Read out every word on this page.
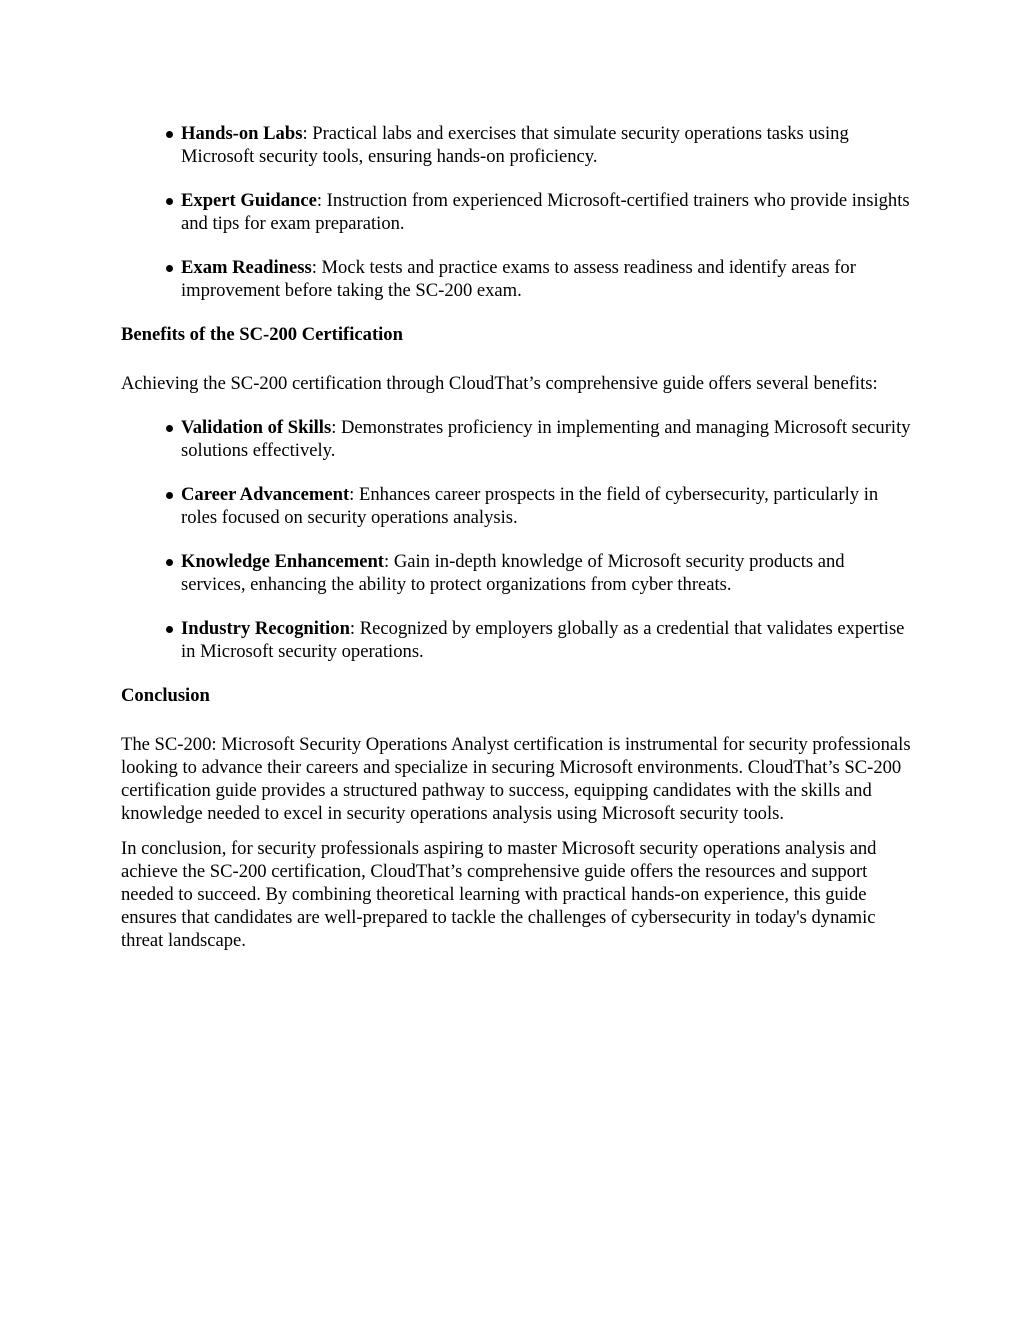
Hands-on Labs: Practical labs and exercises that simulate security operations tasks using Microsoft security tools, ensuring hands-on proficiency.
Expert Guidance: Instruction from experienced Microsoft-certified trainers who provide insights and tips for exam preparation.
Exam Readiness: Mock tests and practice exams to assess readiness and identify areas for improvement before taking the SC-200 exam.
Benefits of the SC-200 Certification

Achieving the SC-200 certification through CloudThat’s comprehensive guide offers several benefits:

Validation of Skills: Demonstrates proficiency in implementing and managing Microsoft security solutions effectively.
Career Advancement: Enhances career prospects in the field of cybersecurity, particularly in roles focused on security operations analysis.
Knowledge Enhancement: Gain in-depth knowledge of Microsoft security products and services, enhancing the ability to protect organizations from cyber threats.
Industry Recognition: Recognized by employers globally as a credential that validates expertise in Microsoft security operations.
Conclusion

The SC-200: Microsoft Security Operations Analyst certification is instrumental for security professionals looking to advance their careers and specialize in securing Microsoft environments. CloudThat’s SC-200 certification guide provides a structured pathway to success, equipping candidates with the skills and knowledge needed to excel in security operations analysis using Microsoft security tools.

In conclusion, for security professionals aspiring to master Microsoft security operations analysis and achieve the SC-200 certification, CloudThat’s comprehensive guide offers the resources and support needed to succeed. By combining theoretical learning with practical hands-on experience, this guide ensures that candidates are well-prepared to tackle the challenges of cybersecurity in today's dynamic threat landscape.
